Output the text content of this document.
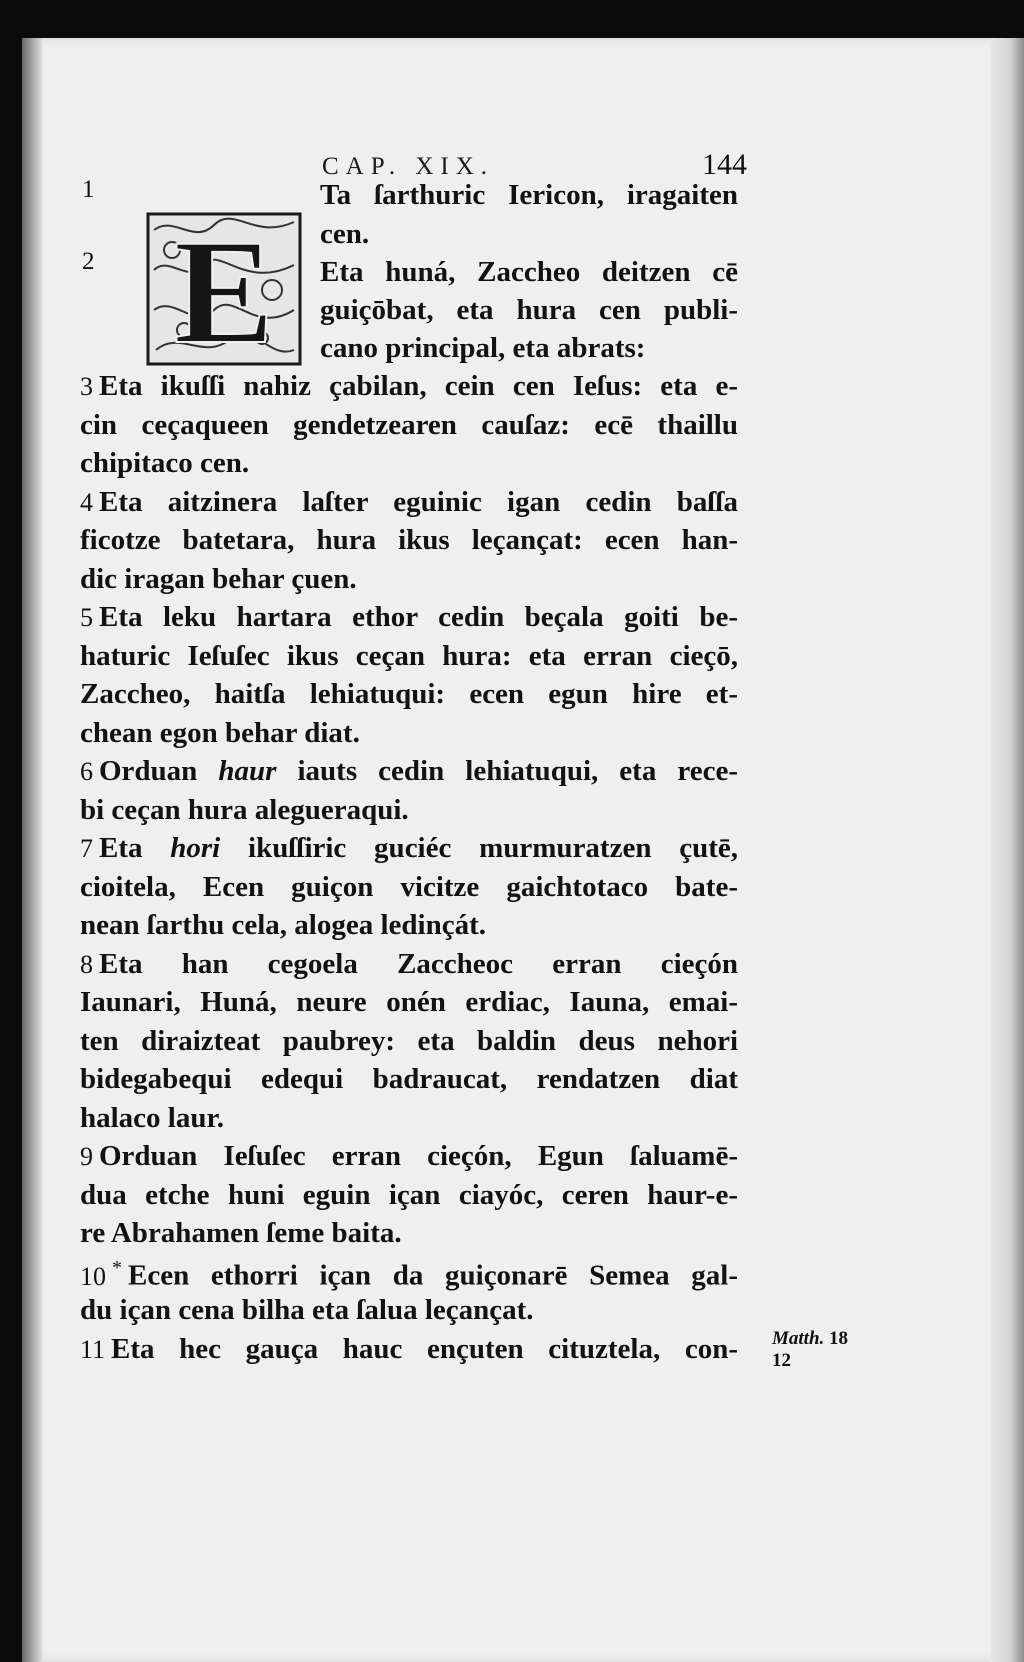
CAP. XIX.	144
1
2 E
Ta ſarthuric Iericon, iragaiten
cen.
Eta huná, Zaccheo deitzen cē
guiçōbat, eta hura cen publi-
cano principal, eta abrats:
3 Eta ikuſſi nahiz çabilan, cein cen Ieſus: eta e-
cin ceçaqueen gendetzearen cauſaz: ecē thaillu
chipitaco cen.
4 Eta aitzinera laſter eguinic igan cedin baſſa
ficotze batetara, hura ikus leçançat: ecen han-
dic iragan behar çuen.
5 Eta leku hartara ethor cedin beçala goiti be-
haturic Ieſuſec ikus ceçan hura: eta erran cieçō,
Zaccheo, haitſa lehiatuqui: ecen egun hire et-
chean egon behar diat.
6 Orduan haur iauts cedin lehiatuqui, eta rece-
bi ceçan hura alegueraqui.
7 Eta hori ikuſſiric guciéc murmuratzen çutē,
cioitela, Ecen guiçon vicitze gaichtotaco bate-
nean ſarthu cela, alogea ledinçát.
8 Eta han cegoela Zaccheoc erran cieçón
Iaunari, Huná, neure onén erdiac, Iauna, emai-
ten diraizteat paubrey: eta baldin deus nehori
bidegabequi edequi badraucat, rendatzen diat
halaco laur.
9 Orduan Ieſuſec erran cieçón, Egun ſaluamē-
dua etche huni eguin içan ciayóc, ceren haur-e-
re Abrahamen ſeme baita.
10 * Ecen ethorri içan da guiçonarē Semea gal-
du içan cena bilha eta ſalua leçançat.
11 Eta hec gauça hauc ençuten cituztela, con- Matth. 18
12
